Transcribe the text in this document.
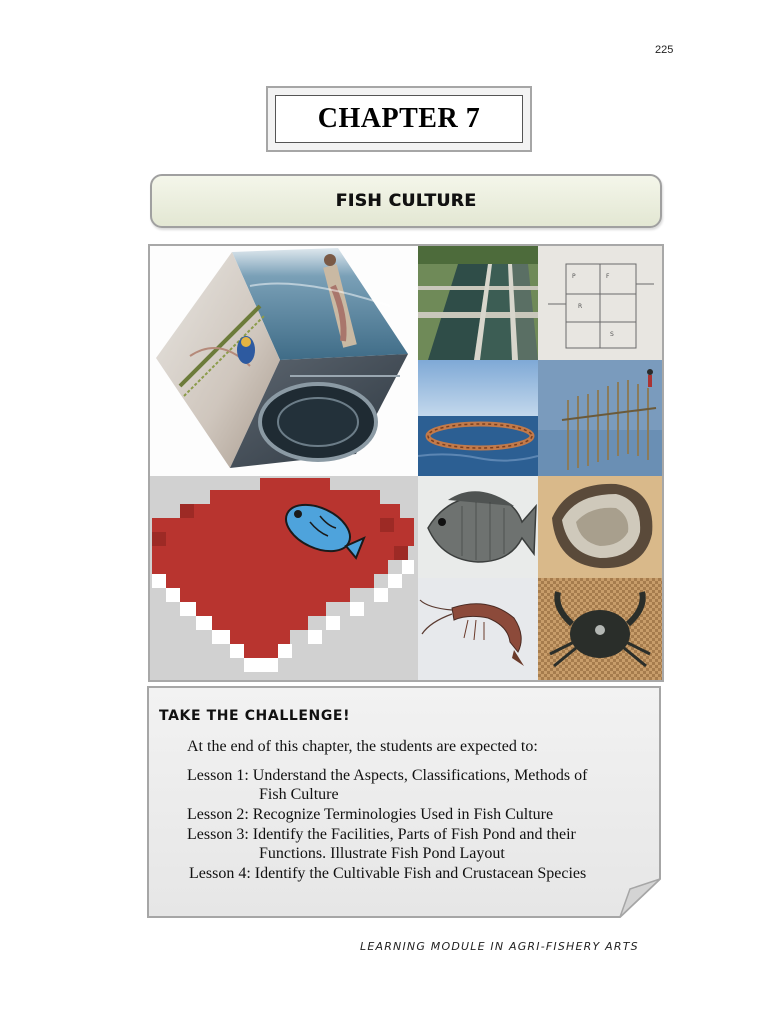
225
CHAPTER 7
FISH CULTURE
P	F
R
S
TAKE THE CHALLENGE!
At the end of this chapter, the students are expected to:
Lesson 1: Understand the Aspects, Classifications, Methods of
Fish Culture
Lesson 2: Recognize Terminologies Used in Fish Culture
Lesson 3: Identify the Facilities, Parts of Fish Pond and their
Functions. Illustrate Fish Pond Layout
Lesson 4: Identify the Cultivable Fish and Crustacean Species
LEARNING MODULE IN AGRI-FISHERY ARTS
